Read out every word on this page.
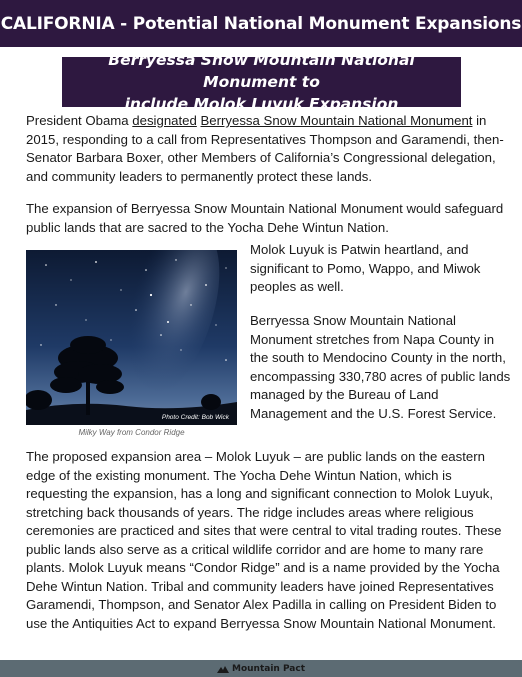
CALIFORNIA - Potential National Monument Expansions
Berryessa Snow Mountain National Monument to
include Molok Luyuk Expansion
President Obama designated Berryessa Snow Mountain National Monument in 2015, responding to a call from Representatives Thompson and Garamendi, then-Senator Barbara Boxer, other Members of California’s Congressional delegation, and community leaders to permanently protect these lands.
The expansion of Berryessa Snow Mountain National Monument would safeguard public lands that are sacred to the Yocha Dehe Wintun Nation.
Photo Credit: Bob Wick
Milky Way from Condor Ridge
Molok Luyuk is Patwin heartland, and significant to Pomo, Wappo, and Miwok peoples as well.
Berryessa Snow Mountain National Monument stretches from Napa County in the south to Mendocino County in the north, encompassing 330,780 acres of public lands managed by the Bureau of Land Management and the U.S. Forest Service.
The proposed expansion area – Molok Luyuk – are public lands on the eastern edge of the existing monument. The Yocha Dehe Wintun Nation, which is requesting the expansion, has a long and significant connection to Molok Luyuk, stretching back thousands of years. The ridge includes areas where religious ceremonies are practiced and sites that were central to vital trading routes. These public lands also serve as a critical wildlife corridor and are home to many rare plants. Molok Luyuk means “Condor Ridge” and is a name provided by the Yocha Dehe Wintun Nation. Tribal and community leaders have joined Representatives Garamendi, Thompson, and Senator Alex Padilla in calling on President Biden to use the Antiquities Act to expand Berryessa Snow Mountain National Monument.
Mountain Pact
